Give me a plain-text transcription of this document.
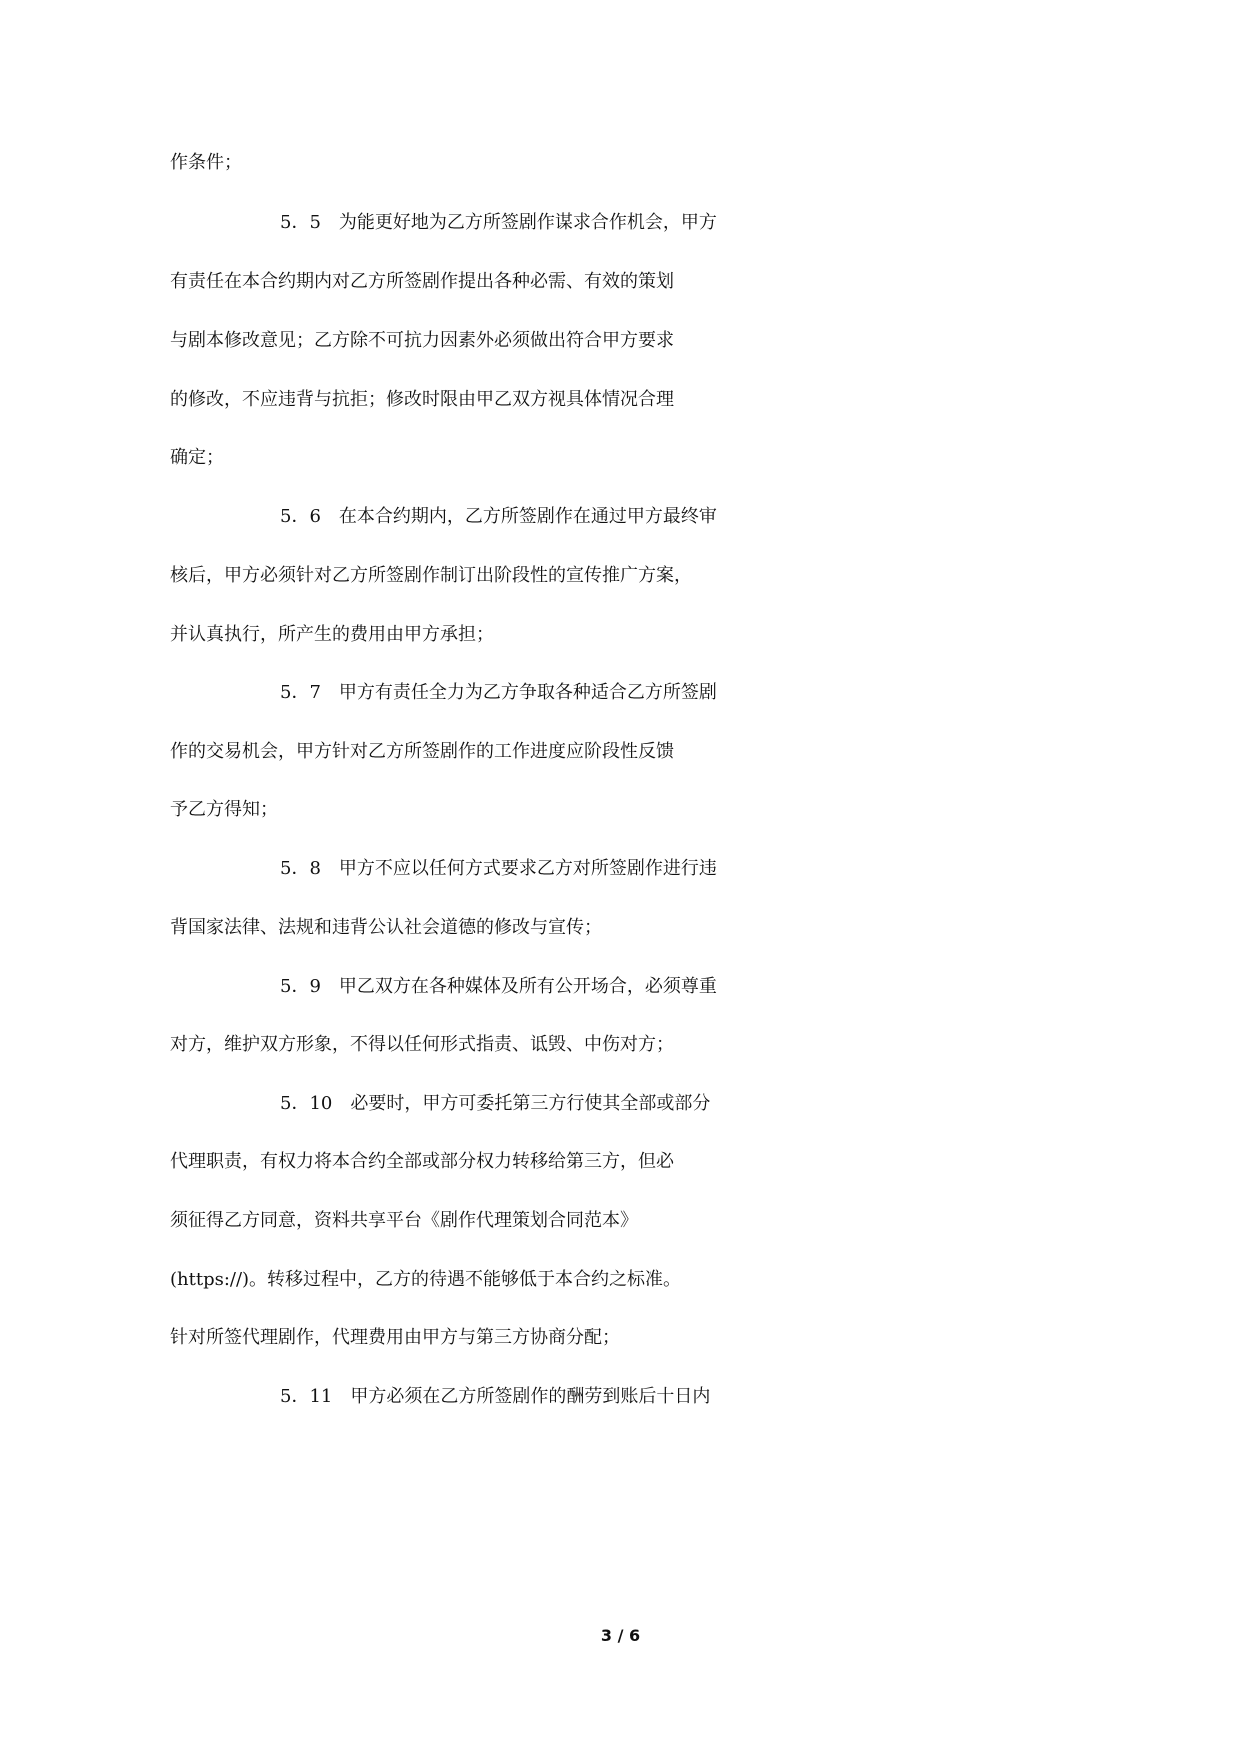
作条件；
5．5　为能更好地为乙方所签剧作谋求合作机会，甲方
有责任在本合约期内对乙方所签剧作提出各种必需、有效的策划
与剧本修改意见；乙方除不可抗力因素外必须做出符合甲方要求
的修改，不应违背与抗拒；修改时限由甲乙双方视具体情况合理
确定；
5．6　在本合约期内，乙方所签剧作在通过甲方最终审
核后，甲方必须针对乙方所签剧作制订出阶段性的宣传推广方案，
并认真执行，所产生的费用由甲方承担；
5．7　甲方有责任全力为乙方争取各种适合乙方所签剧
作的交易机会，甲方针对乙方所签剧作的工作进度应阶段性反馈
予乙方得知；
5．8　甲方不应以任何方式要求乙方对所签剧作进行违
背国家法律、法规和违背公认社会道德的修改与宣传；
5．9　甲乙双方在各种媒体及所有公开场合，必须尊重
对方，维护双方形象，不得以任何形式指责、诋毁、中伤对方；
5．10　必要时，甲方可委托第三方行使其全部或部分
代理职责，有权力将本合约全部或部分权力转移给第三方，但必
须征得乙方同意，资料共享平台《剧作代理策划合同范本》
(https://)。转移过程中，乙方的待遇不能够低于本合约之标准。
针对所签代理剧作，代理费用由甲方与第三方协商分配；
5．11　甲方必须在乙方所签剧作的酬劳到账后十日内
3 / 6
